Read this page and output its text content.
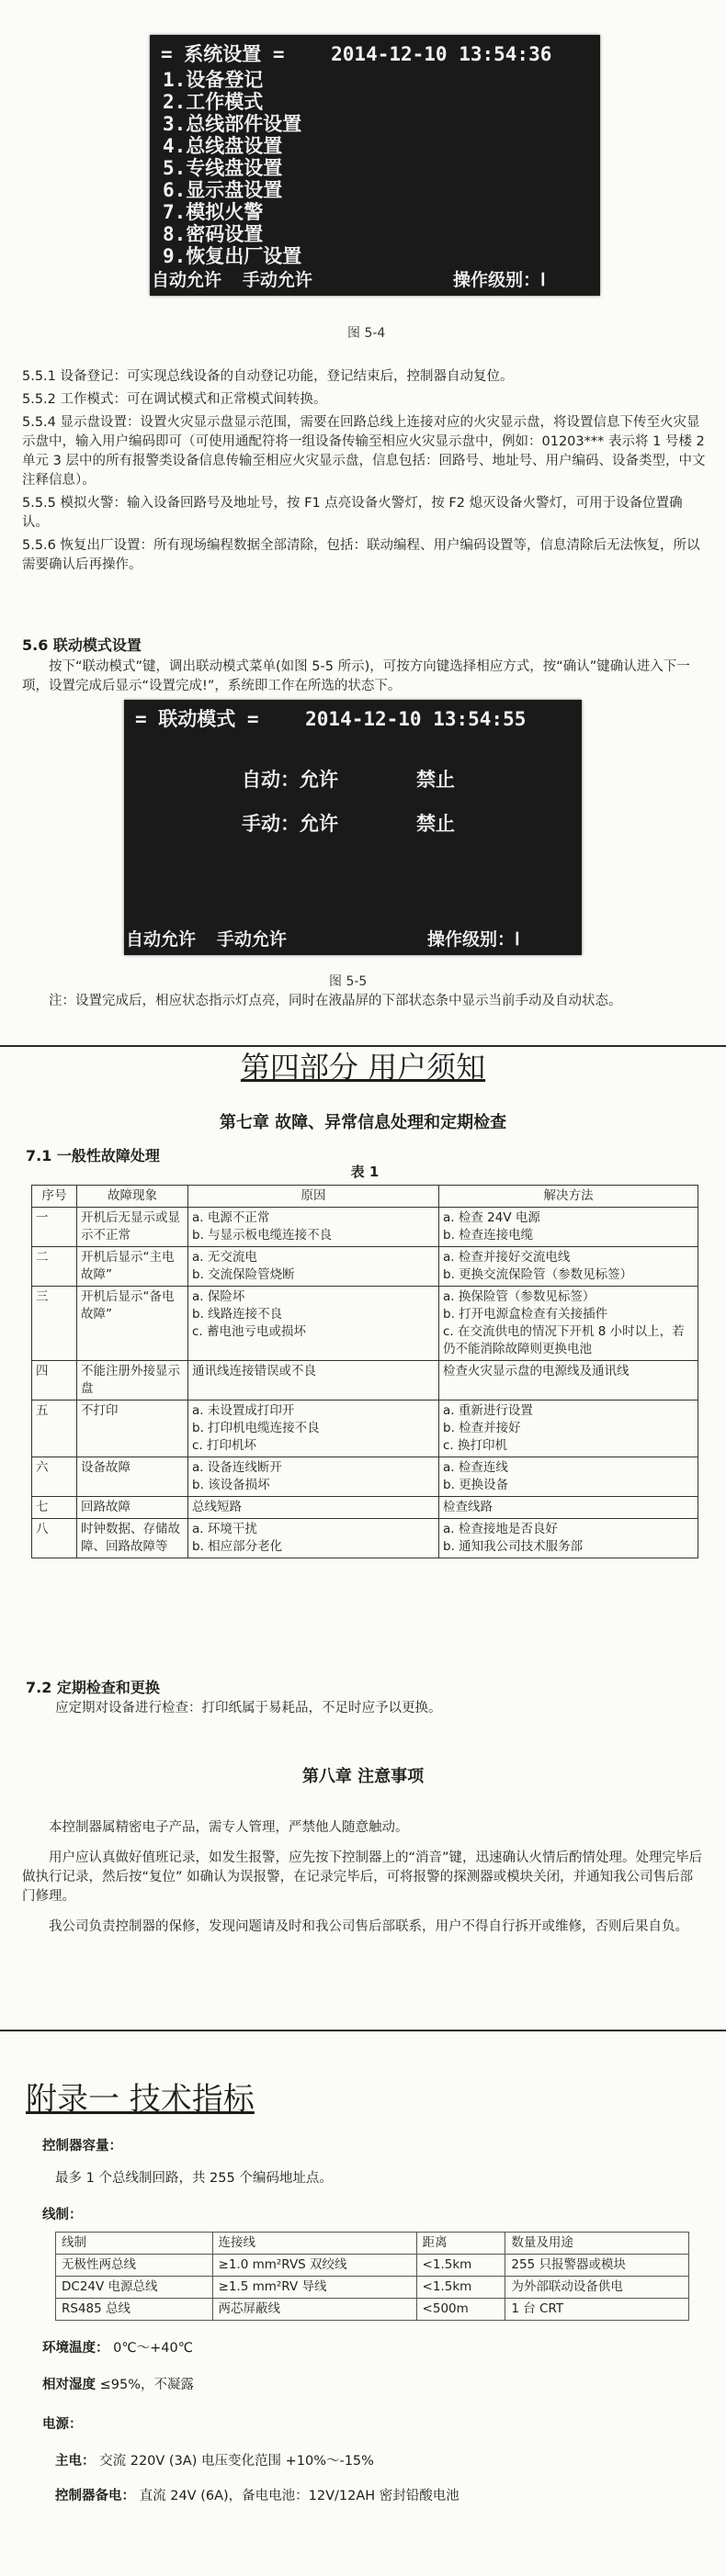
= 系统设置 =    2014-12-10 13:54:36
1.设备登记
2.工作模式
3.总线部件设置
4.总线盘设置
5.专线盘设置
6.显示盘设置
7.模拟火警
8.密码设置
9.恢复出厂设置
自动允许  手动允许	操作级别：Ⅰ
图 5-4
5.5.1 设备登记：可实现总线设备的自动登记功能，登记结束后，控制器自动复位。
5.5.2 工作模式：可在调试模式和正常模式间转换。
5.5.4 显示盘设置：设置火灾显示盘显示范围，需要在回路总线上连接对应的火灾显示盘，将设置信息下传至火灾显示盘中，输入用户编码即可（可使用通配符将一组设备传输至相应火灾显示盘中，例如：01203*** 表示将 1 号楼 2 单元 3 层中的所有报警类设备信息传输至相应火灾显示盘，信息包括：回路号、地址号、用户编码、设备类型，中文注释信息）。
5.5.5 模拟火警：输入设备回路号及地址号，按 F1 点亮设备火警灯，按 F2 熄灭设备火警灯，可用于设备位置确认。
5.5.6 恢复出厂设置：所有现场编程数据全部清除，包括：联动编程、用户编码设置等，信息清除后无法恢复，所以需要确认后再操作。
5.6 联动模式设置
按下“联动模式”键，调出联动模式菜单(如图 5-5 所示)，可按方向键选择相应方式，按“确认”键确认进入下一项，设置完成后显示“设置完成!”，系统即工作在所选的状态下。
= 联动模式 =    2014-12-10 13:54:55
自动：允许	禁止
手动：允许	禁止
自动允许  手动允许	操作级别：Ⅰ
图 5-5
注：设置完成后，相应状态指示灯点亮，同时在液晶屏的下部状态条中显示当前手动及自动状态。
第四部分 用户须知
第七章 故障、异常信息处理和定期检查
7.1 一般性故障处理
表 1
序号	故障现象	原因	解决方法

一	开机后无显示或显示不正常	a. 电源不正常
b. 与显示板电缆连接不良	a. 检查 24V 电源
b. 检查连接电缆

二	开机后显示“主电故障”	a. 无交流电
b. 交流保险管烧断	a. 检查并接好交流电线
b. 更换交流保险管（参数见标签）

三	开机后显示“备电故障”	a. 保险坏
b. 线路连接不良
c. 蓄电池亏电或损坏	a. 换保险管（参数见标签）
b. 打开电源盒检查有关接插件
c. 在交流供电的情况下开机 8 小时以上，若仍不能消除故障则更换电池

四	不能注册外接显示盘	通讯线连接错误或不良	检查火灾显示盘的电源线及通讯线

五	不打印	a. 未设置成打印开
b. 打印机电缆连接不良
c. 打印机坏	a. 重新进行设置
b. 检查并接好
c. 换打印机

六	设备故障	a. 设备连线断开
b. 该设备损坏	a. 检查连线
b. 更换设备

七	回路故障	总线短路	检查线路

八	时钟数据、存储故障、回路故障等	a. 环境干扰
b. 相应部分老化	a. 检查接地是否良好
b. 通知我公司技术服务部
7.2 定期检查和更换
应定期对设备进行检查：打印纸属于易耗品，不足时应予以更换。
第八章 注意事项
本控制器属精密电子产品，需专人管理，严禁他人随意触动。
用户应认真做好值班记录，如发生报警，应先按下控制器上的“消音”键，迅速确认火情后酌情处理。处理完毕后做执行记录，然后按“复位” 如确认为误报警，在记录完毕后，可将报警的探测器或模块关闭，并通知我公司售后部门修理。
我公司负责控制器的保修，发现问题请及时和我公司售后部联系，用户不得自行拆开或维修，否则后果自负。
附录一 技术指标
控制器容量：
最多 1 个总线制回路，共 255 个编码地址点。
线制：
线制	连接线	距离	数量及用途
无极性两总线	≥1.0 mm²RVS 双绞线	<1.5km	255 只报警器或模块
DC24V 电源总线	≥1.5 mm²RV 导线	<1.5km	为外部联动设备供电
RS485 总线	两芯屏蔽线	<500m	1 台 CRT
环境温度： 0℃～+40℃
相对湿度 ≤95%，不凝露
电源：
主电： 交流 220V (3A) 电压变化范围 +10%～-15%
控制器备电： 直流 24V (6A)，备电电池：12V/12AH 密封铅酸电池
